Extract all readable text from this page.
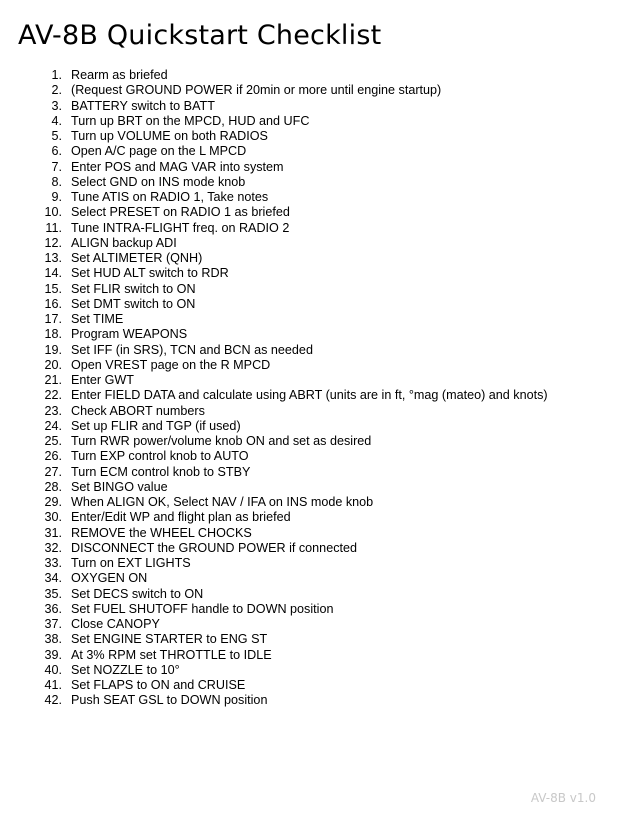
AV-8B Quickstart Checklist
1. Rearm as briefed
2. (Request GROUND POWER if 20min or more until engine startup)
3. BATTERY switch to BATT
4. Turn up BRT on the MPCD, HUD and UFC
5. Turn up VOLUME on both RADIOS
6. Open A/C page on the L MPCD
7. Enter POS and MAG VAR into system
8. Select GND on INS mode knob
9. Tune ATIS on RADIO 1, Take notes
10. Select PRESET on RADIO 1 as briefed
11. Tune INTRA-FLIGHT freq. on RADIO 2
12. ALIGN backup ADI
13. Set ALTIMETER (QNH)
14. Set HUD ALT switch to RDR
15. Set FLIR switch to ON
16. Set DMT switch to ON
17. Set TIME
18. Program WEAPONS
19. Set IFF (in SRS), TCN and BCN as needed
20. Open VREST page on the R MPCD
21. Enter GWT
22. Enter FIELD DATA and calculate using ABRT (units are in ft, °mag (mateo) and knots)
23. Check ABORT numbers
24. Set up FLIR and TGP (if used)
25. Turn RWR power/volume knob ON and set as desired
26. Turn EXP control knob to AUTO
27. Turn ECM control knob to STBY
28. Set BINGO value
29. When ALIGN OK, Select NAV / IFA on INS mode knob
30. Enter/Edit WP and flight plan as briefed
31. REMOVE the WHEEL CHOCKS
32. DISCONNECT the GROUND POWER if connected
33. Turn on EXT LIGHTS
34. OXYGEN ON
35. Set DECS switch to ON
36. Set FUEL SHUTOFF handle to DOWN position
37. Close CANOPY
38. Set ENGINE STARTER to ENG ST
39. At 3% RPM set THROTTLE to IDLE
40. Set NOZZLE to 10°
41. Set FLAPS to ON and CRUISE
42. Push SEAT GSL to DOWN position
AV-8B v1.0
